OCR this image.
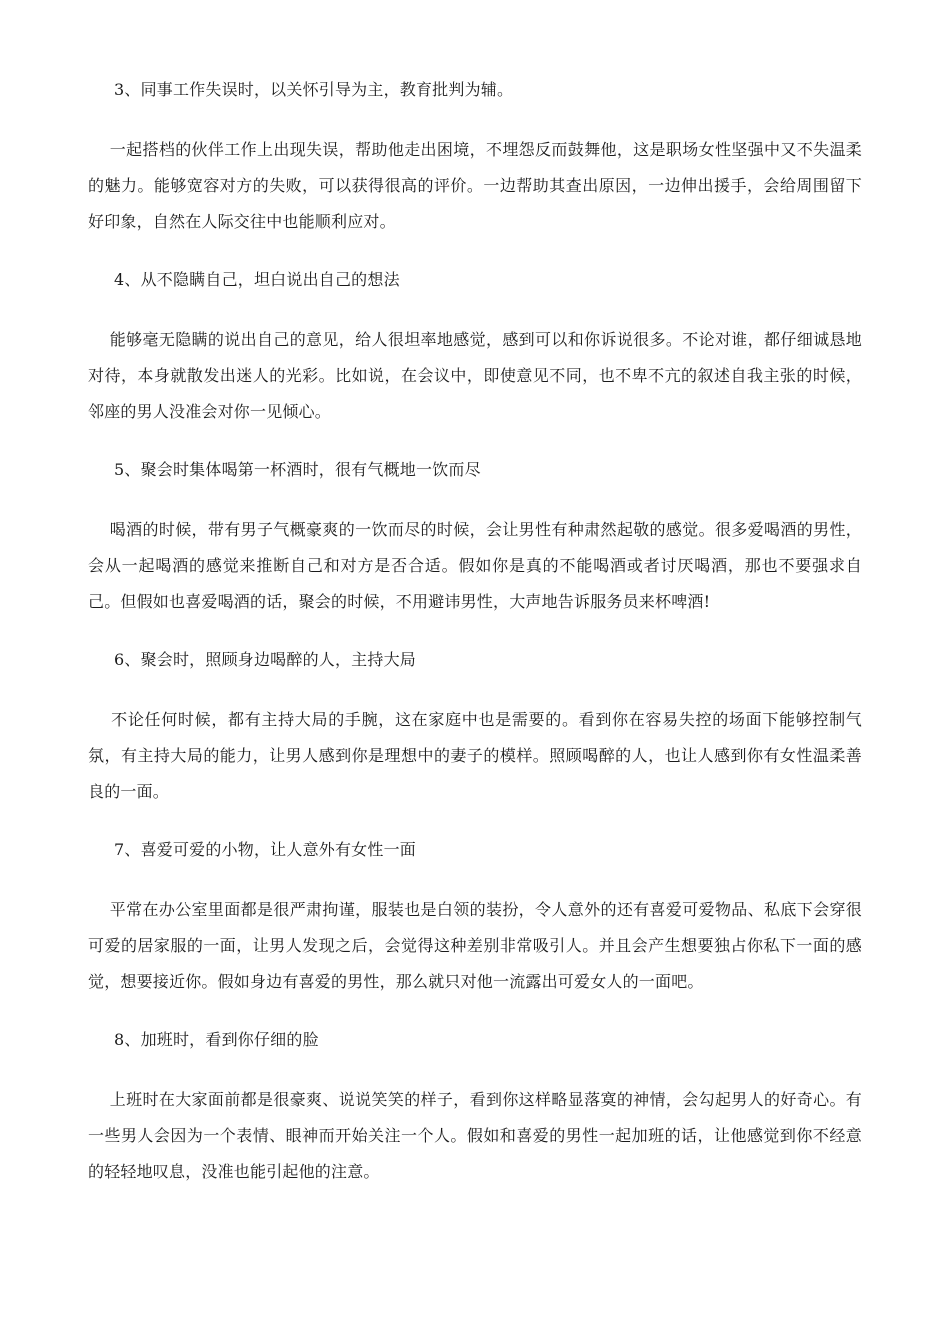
3、同事工作失误时，以关怀引导为主，教育批判为辅。

一起搭档的伙伴工作上出现失误，帮助他走出困境，不埋怨反而鼓舞他，这是职场女性坚强中又不失温柔的魅力。能够宽容对方的失败，可以获得很高的评价。一边帮助其查出原因，一边伸出援手，会给周围留下好印象，自然在人际交往中也能顺利应对。

4、从不隐瞒自己，坦白说出自己的想法

能够毫无隐瞒的说出自己的意见，给人很坦率地感觉，感到可以和你诉说很多。不论对谁，都仔细诚恳地对待，本身就散发出迷人的光彩。比如说，在会议中，即使意见不同，也不卑不亢的叙述自我主张的时候，邻座的男人没准会对你一见倾心。

5、聚会时集体喝第一杯酒时，很有气概地一饮而尽

喝酒的时候，带有男子气概豪爽的一饮而尽的时候，会让男性有种肃然起敬的感觉。很多爱喝酒的男性，会从一起喝酒的感觉来推断自己和对方是否合适。假如你是真的不能喝酒或者讨厌喝酒，那也不要强求自己。但假如也喜爱喝酒的话，聚会的时候，不用避讳男性，大声地告诉服务员来杯啤酒!

6、聚会时，照顾身边喝醉的人，主持大局

不论任何时候，都有主持大局的手腕，这在家庭中也是需要的。看到你在容易失控的场面下能够控制气氛，有主持大局的能力，让男人感到你是理想中的妻子的模样。照顾喝醉的人，也让人感到你有女性温柔善良的一面。

7、喜爱可爱的小物，让人意外有女性一面

平常在办公室里面都是很严肃拘谨，服装也是白领的装扮，令人意外的还有喜爱可爱物品、私底下会穿很可爱的居家服的一面，让男人发现之后，会觉得这种差别非常吸引人。并且会产生想要独占你私下一面的感觉，想要接近你。假如身边有喜爱的男性，那么就只对他一流露出可爱女人的一面吧。

8、加班时，看到你仔细的脸

上班时在大家面前都是很豪爽、说说笑笑的样子，看到你这样略显落寞的神情，会勾起男人的好奇心。有一些男人会因为一个表情、眼神而开始关注一个人。假如和喜爱的男性一起加班的话，让他感觉到你不经意的轻轻地叹息，没准也能引起他的注意。
